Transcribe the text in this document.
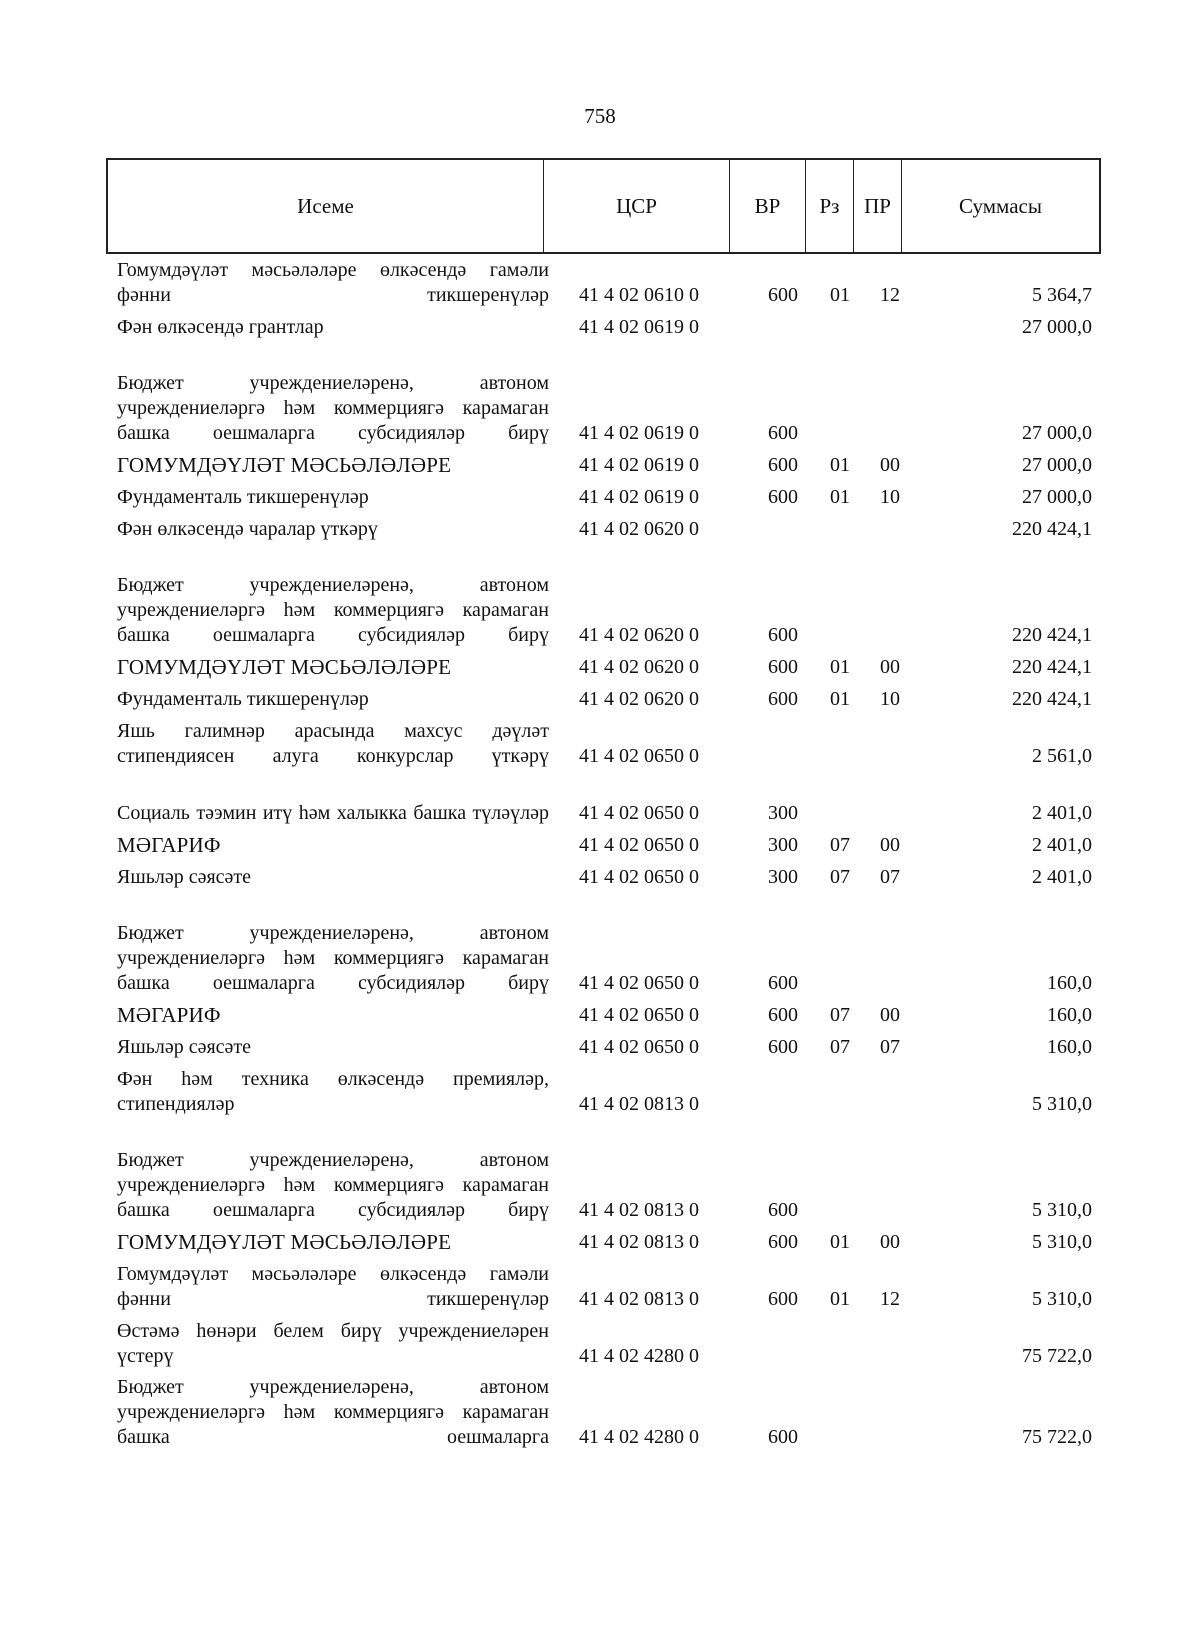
758
Исеме	ЦСР	ВР	Рз	ПР	Суммасы
Гомумдәүләт мәсьәләләре өлкәсендә гамәли фәнни тикшеренүләр 41 4 02 0610 0	600 01 12	5 364,7
Фән өлкәсендә грантлар	41 4 02 0619 0	27 000,0
Бюджет учреждениеләренә, автоном учреждениеләргә һәм коммерциягә карамаган башка оешмаларга субсидияләр бирү 41 4 02 0619 0	600	27 000,0
ГОМУМДӘҮЛӘТ МӘСЬӘЛӘЛӘРЕ	41 4 02 0619 0	600 01 00	27 000,0
Фундаменталь тикшеренүләр	41 4 02 0619 0	600 01 10	27 000,0
Фән өлкәсендә чаралар үткәрү	41 4 02 0620 0	220 424,1
Бюджет учреждениеләренә, автоном учреждениеләргә һәм коммерциягә карамаган башка оешмаларга субсидияләр бирү 41 4 02 0620 0	600	220 424,1
ГОМУМДӘҮЛӘТ МӘСЬӘЛӘЛӘРЕ	41 4 02 0620 0	600 01 00	220 424,1
Фундаменталь тикшеренүләр	41 4 02 0620 0	600 01 10	220 424,1
Яшь галимнәр арасында махсус дәүләт стипендиясен алуга конкурслар үткәрү 41 4 02 0650 0	2 561,0
Социаль тәэмин итү һәм халыкка башка түләүләр 41 4 02 0650 0	300	2 401,0
МӘГАРИФ	41 4 02 0650 0	300 07 00	2 401,0
Яшьләр сәясәте	41 4 02 0650 0	300 07 07	2 401,0
Бюджет учреждениеләренә, автоном учреждениеләргә һәм коммерциягә карамаган башка оешмаларга субсидияләр бирү 41 4 02 0650 0	600	160,0
МӘГАРИФ	41 4 02 0650 0	600 07 00	160,0
Яшьләр сәясәте	41 4 02 0650 0	600 07 07	160,0
Фән һәм техника өлкәсендә премияләр, стипендияләр	41 4 02 0813 0	5 310,0
Бюджет учреждениеләренә, автоном учреждениеләргә һәм коммерциягә карамаган башка оешмаларга субсидияләр бирү 41 4 02 0813 0	600	5 310,0
ГОМУМДӘҮЛӘТ МӘСЬӘЛӘЛӘРЕ	41 4 02 0813 0	600 01 00	5 310,0
Гомумдәүләт мәсьәләләре өлкәсендә гамәли фәнни тикшеренүләр 41 4 02 0813 0	600 01 12	5 310,0
Өстәмә һөнәри белем бирү учреждениеләрен үстерү	41 4 02 4280 0	75 722,0
Бюджет учреждениеләренә, автоном учреждениеләргә һәм коммерциягә карамаган башка оешмаларга 41 4 02 4280 0	600	75 722,0
